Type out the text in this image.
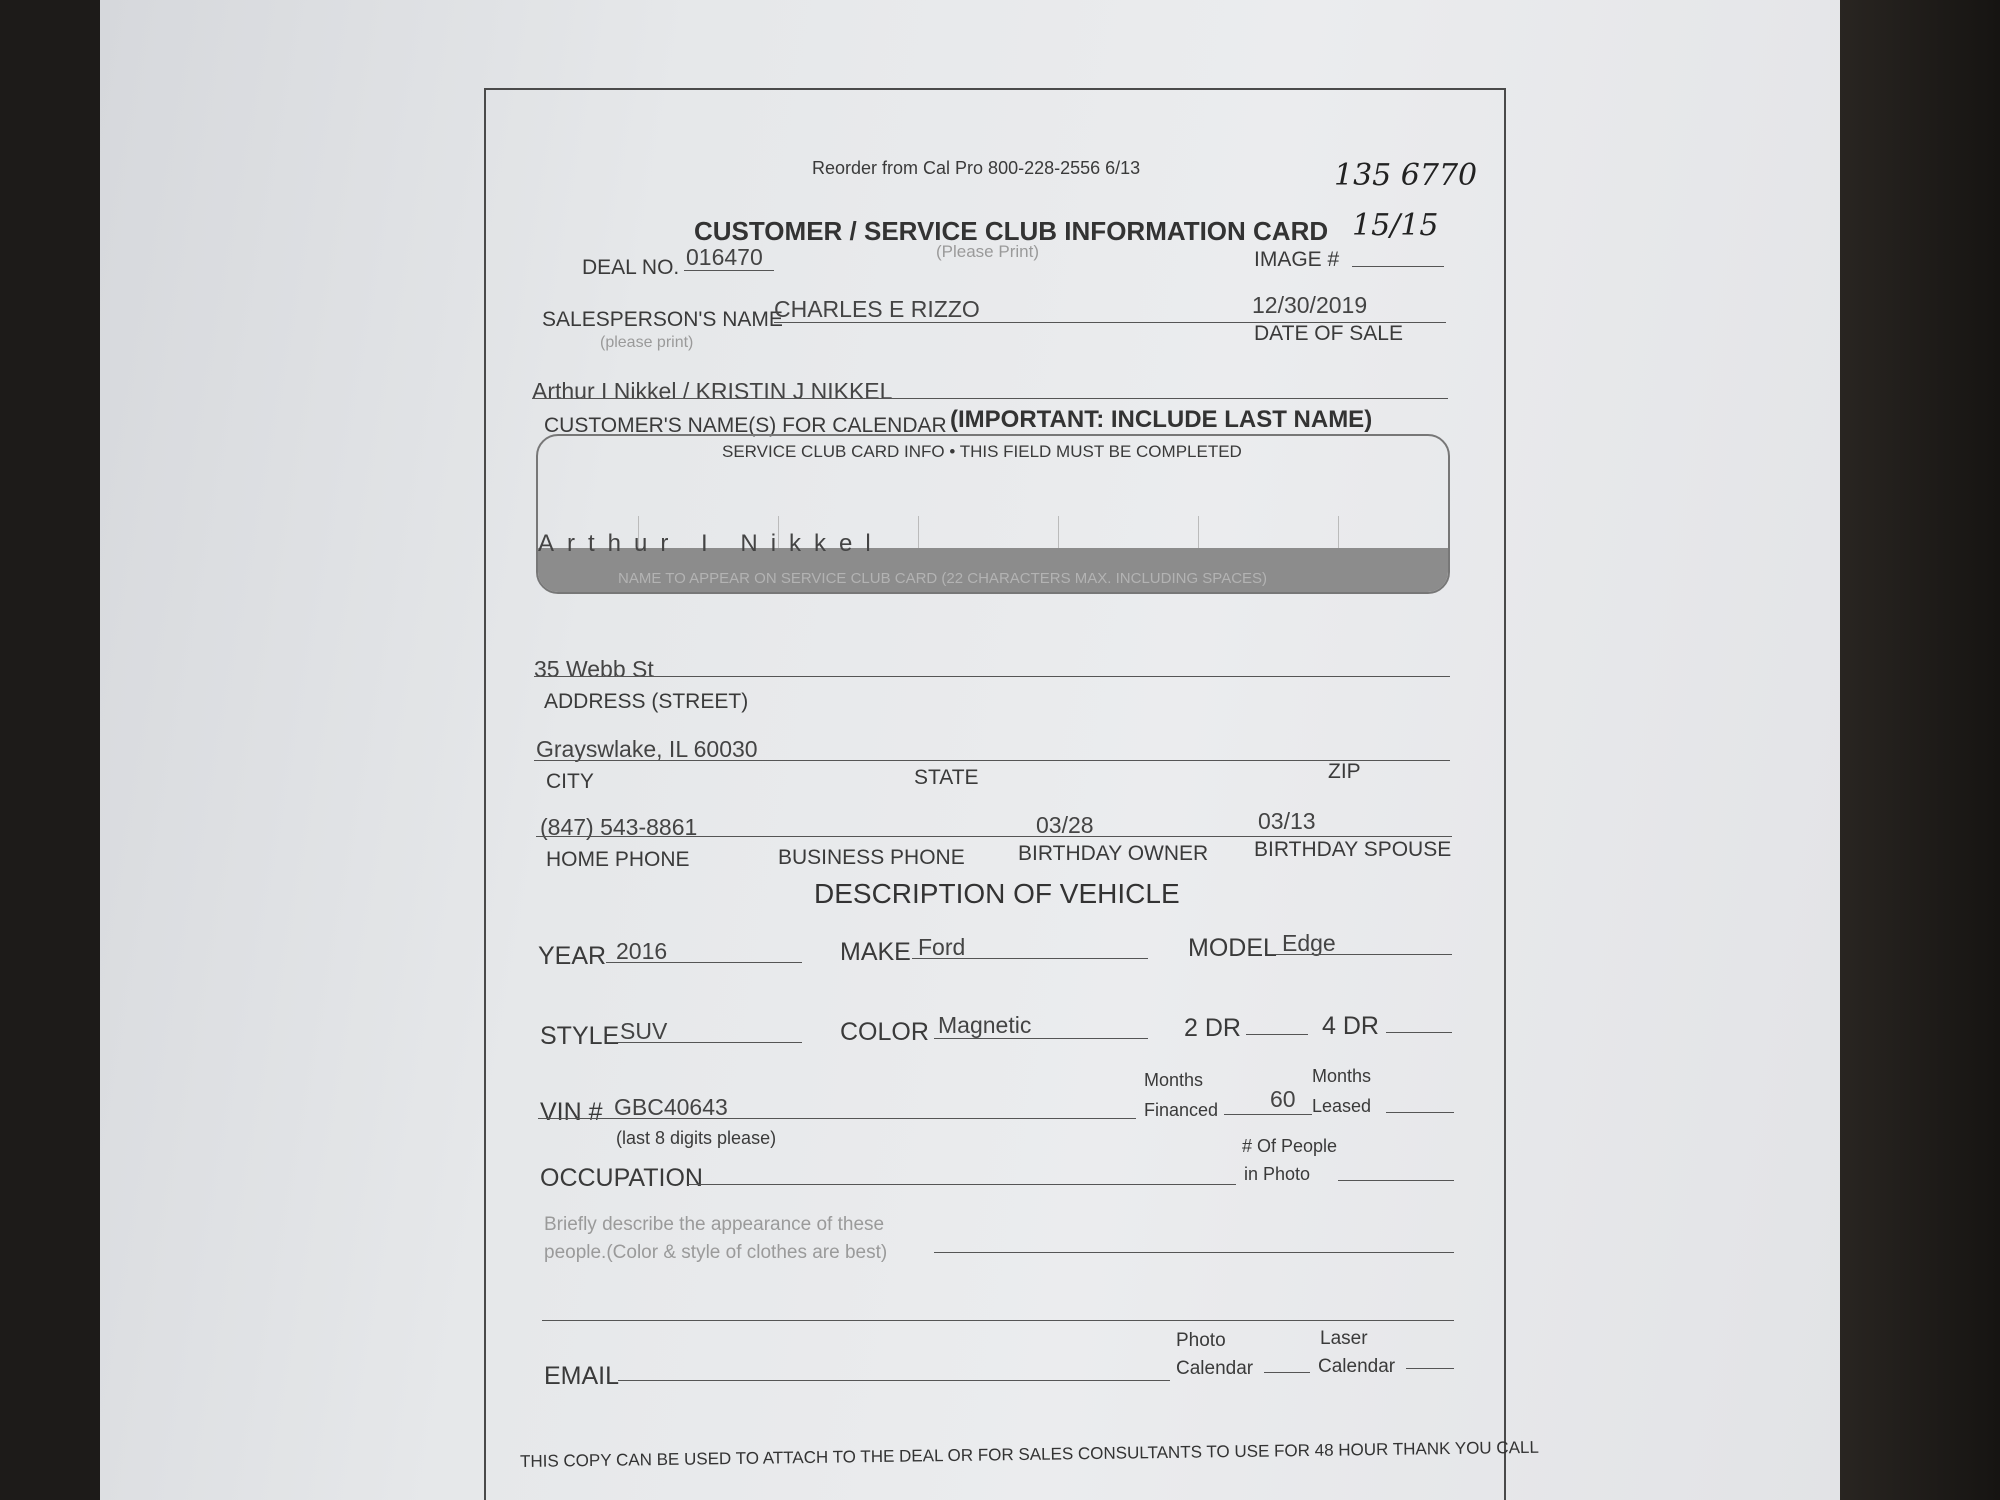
Reorder from Cal Pro 800-228-2556 6/13	135 6770
15/15
CUSTOMER / SERVICE CLUB INFORMATION CARD
(Please Print)
DEAL NO. 016470	IMAGE #
SALESPERSON'S NAME
(please print)
CHARLES E RIZZO	12/30/2019
DATE OF SALE
Arthur I Nikkel / KRISTIN J NIKKEL
CUSTOMER'S NAME(S) FOR CALENDAR (IMPORTANT: INCLUDE LAST NAME)
SERVICE CLUB CARD INFO • THIS FIELD MUST BE COMPLETED
Arthur I Nikkel
NAME TO APPEAR ON SERVICE CLUB CARD (22 CHARACTERS MAX. INCLUDING SPACES)
35 Webb St
ADDRESS (STREET)
Grayswlake, IL 60030
CITY	STATE	ZIP
(847) 543-8861	03/28	03/13
HOME PHONE	BUSINESS PHONE	BIRTHDAY OWNER BIRTHDAY SPOUSE
DESCRIPTION OF VEHICLE
YEAR 2016	MAKE Ford	MODEL Edge
STYLE SUV	COLOR Magnetic	2 DR	4 DR
VIN # GBC40643
(last 8 digits please)
Months
Financed 60
Months
Leased
OCCUPATION
# Of People
in Photo
Briefly describe the appearance of these
people.(Color & style of clothes are best)
EMAIL
Photo
Calendar
Laser
Calendar
THIS COPY CAN BE USED TO ATTACH TO THE DEAL OR FOR SALES CONSULTANTS TO USE FOR 48 HOUR THANK YOU CALL
